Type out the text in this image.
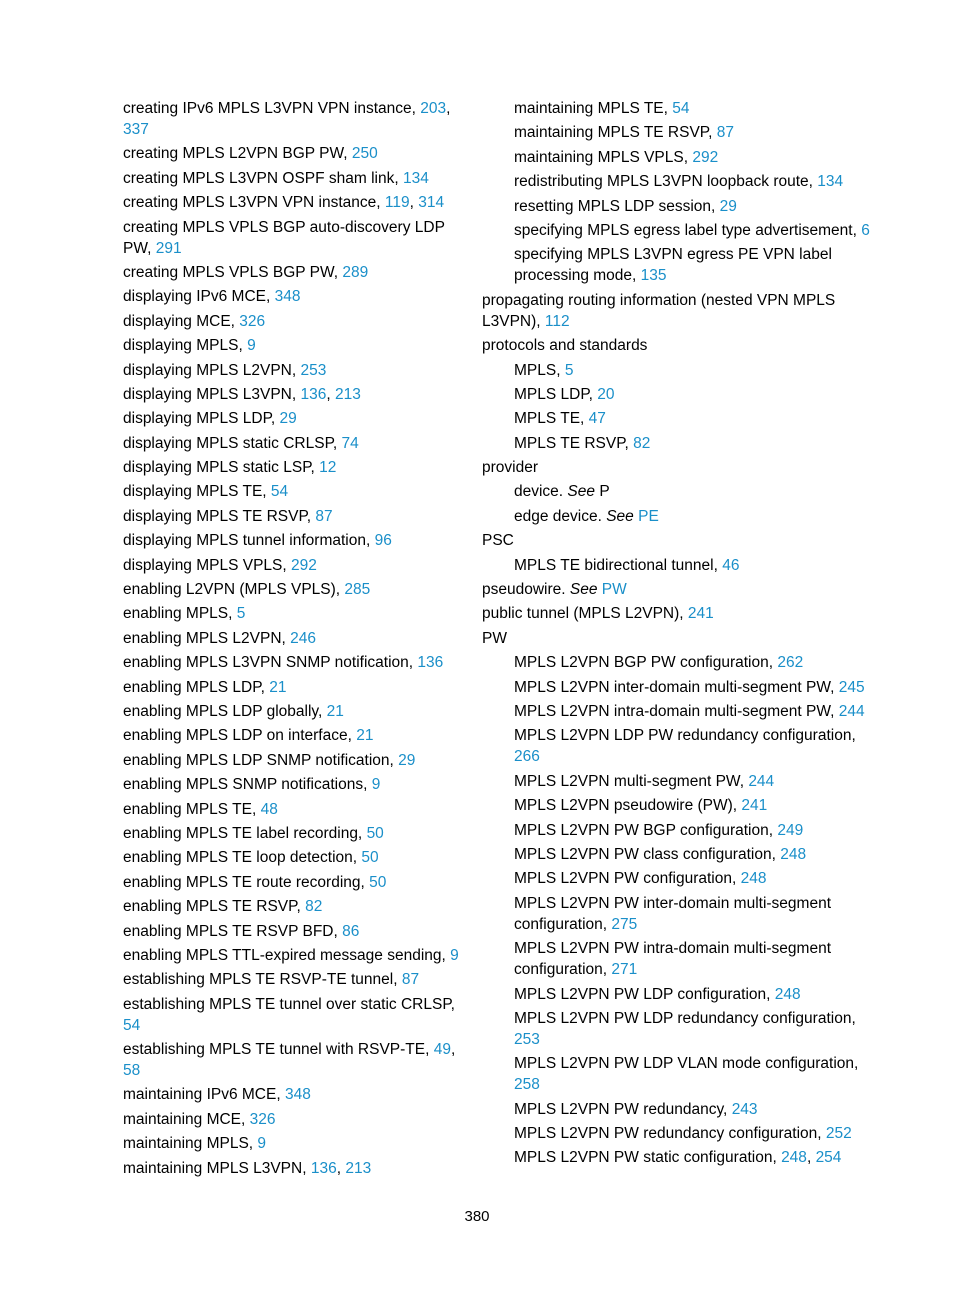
creating IPv6 MPLS L3VPN VPN instance, 203, 337
creating MPLS L2VPN BGP PW, 250
creating MPLS L3VPN OSPF sham link, 134
creating MPLS L3VPN VPN instance, 119, 314
creating MPLS VPLS BGP auto-discovery LDP PW, 291
creating MPLS VPLS BGP PW, 289
displaying IPv6 MCE, 348
displaying MCE, 326
displaying MPLS, 9
displaying MPLS L2VPN, 253
displaying MPLS L3VPN, 136, 213
displaying MPLS LDP, 29
displaying MPLS static CRLSP, 74
displaying MPLS static LSP, 12
displaying MPLS TE, 54
displaying MPLS TE RSVP, 87
displaying MPLS tunnel information, 96
displaying MPLS VPLS, 292
enabling L2VPN (MPLS VPLS), 285
enabling MPLS, 5
enabling MPLS L2VPN, 246
enabling MPLS L3VPN SNMP notification, 136
enabling MPLS LDP, 21
enabling MPLS LDP globally, 21
enabling MPLS LDP on interface, 21
enabling MPLS LDP SNMP notification, 29
enabling MPLS SNMP notifications, 9
enabling MPLS TE, 48
enabling MPLS TE label recording, 50
enabling MPLS TE loop detection, 50
enabling MPLS TE route recording, 50
enabling MPLS TE RSVP, 82
enabling MPLS TE RSVP BFD, 86
enabling MPLS TTL-expired message sending, 9
establishing MPLS TE RSVP-TE tunnel, 87
establishing MPLS TE tunnel over static CRLSP, 54
establishing MPLS TE tunnel with RSVP-TE, 49, 58
maintaining IPv6 MCE, 348
maintaining MCE, 326
maintaining MPLS, 9
maintaining MPLS L3VPN, 136, 213
maintaining MPLS TE, 54
maintaining MPLS TE RSVP, 87
maintaining MPLS VPLS, 292
redistributing MPLS L3VPN loopback route, 134
resetting MPLS LDP session, 29
specifying MPLS egress label type advertisement, 6
specifying MPLS L3VPN egress PE VPN label processing mode, 135
propagating routing information (nested VPN MPLS L3VPN), 112
protocols and standards
MPLS, 5
MPLS LDP, 20
MPLS TE, 47
MPLS TE RSVP, 82
provider
device. See P
edge device. See PE
PSC
MPLS TE bidirectional tunnel, 46
pseudowire. See PW
public tunnel (MPLS L2VPN), 241
PW
MPLS L2VPN BGP PW configuration, 262
MPLS L2VPN inter-domain multi-segment PW, 245
MPLS L2VPN intra-domain multi-segment PW, 244
MPLS L2VPN LDP PW redundancy configuration, 266
MPLS L2VPN multi-segment PW, 244
MPLS L2VPN pseudowire (PW), 241
MPLS L2VPN PW BGP configuration, 249
MPLS L2VPN PW class configuration, 248
MPLS L2VPN PW configuration, 248
MPLS L2VPN PW inter-domain multi-segment configuration, 275
MPLS L2VPN PW intra-domain multi-segment configuration, 271
MPLS L2VPN PW LDP configuration, 248
MPLS L2VPN PW LDP redundancy configuration, 253
MPLS L2VPN PW LDP VLAN mode configuration, 258
MPLS L2VPN PW redundancy, 243
MPLS L2VPN PW redundancy configuration, 252
MPLS L2VPN PW static configuration, 248, 254
380
